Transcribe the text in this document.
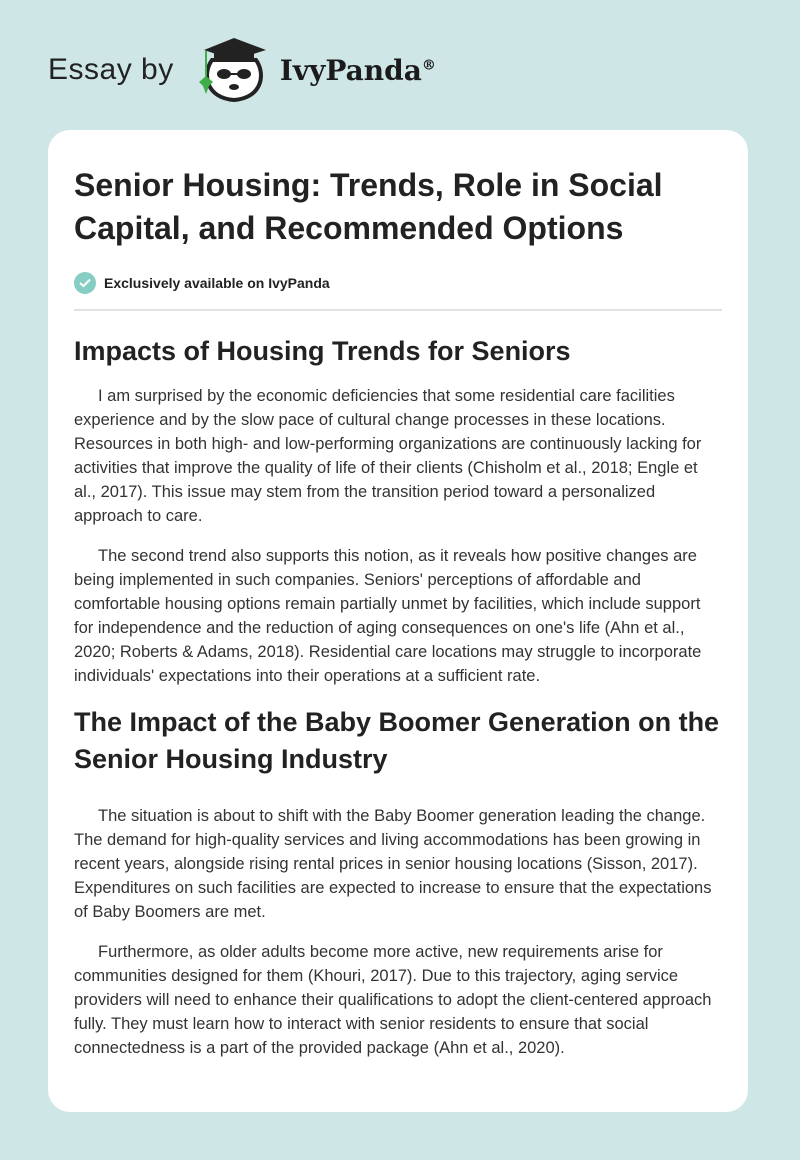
Essay by	IvyPanda®
Senior Housing: Trends, Role in Social Capital, and Recommended Options
Exclusively available on IvyPanda
Impacts of Housing Trends for Seniors

I am surprised by the economic deficiencies that some residential care facilities experience and by the slow pace of cultural change processes in these locations. Resources in both high- and low-performing organizations are continuously lacking for activities that improve the quality of life of their clients (Chisholm et al., 2018; Engle et al., 2017). This issue may stem from the transition period toward a personalized approach to care.

The second trend also supports this notion, as it reveals how positive changes are being implemented in such companies. Seniors' perceptions of affordable and comfortable housing options remain partially unmet by facilities, which include support for independence and the reduction of aging consequences on one's life (Ahn et al., 2020; Roberts & Adams, 2018). Residential care locations may struggle to incorporate individuals' expectations into their operations at a sufficient rate.

The Impact of the Baby Boomer Generation on the Senior Housing Industry

The situation is about to shift with the Baby Boomer generation leading the change. The demand for high-quality services and living accommodations has been growing in recent years, alongside rising rental prices in senior housing locations (Sisson, 2017). Expenditures on such facilities are expected to increase to ensure that the expectations of Baby Boomers are met.

Furthermore, as older adults become more active, new requirements arise for communities designed for them (Khouri, 2017). Due to this trajectory, aging service providers will need to enhance their qualifications to adopt the client-centered approach fully. They must learn how to interact with senior residents to ensure that social connectedness is a part of the provided package (Ahn et al., 2020).
